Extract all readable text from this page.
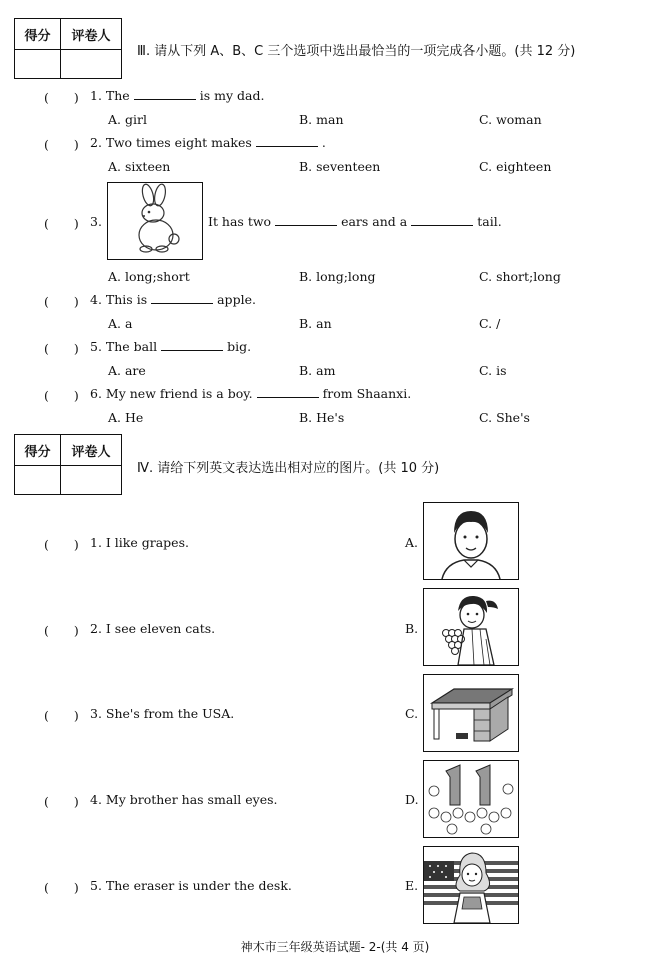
得分	评卷人
Ⅲ. 请从下列 A、B、C 三个选项中选出最恰当的一项完成各小题。(共 12 分)
(　　) 1. The	is my dad.
A. girl	B. man	C. woman
(　　) 2. Two times eight makes	.
A. sixteen	B. seventeen	C. eighteen
(　　) 3.	It has two	ears and a	tail.
A. long;short	B. long;long	C. short;long
(　　) 4. This is	apple.
A. a	B. an	C. /
(　　) 5. The ball	big.
A. are	B. am	C. is
(　　) 6. My new friend is a boy.	from Shaanxi.
A. He	B. He's	C. She's
得分	评卷人
Ⅳ. 请给下列英文表达选出相对应的图片。(共 10 分)
(　　) 1. I like grapes.	A.
(　　) 2. I see eleven cats.	B.
(　　) 3. She's from the USA.	C.
(　　) 4. My brother has small eyes.	D.
(　　) 5. The eraser is under the desk.	E.
神木市三年级英语试题- 2-(共 4 页)
